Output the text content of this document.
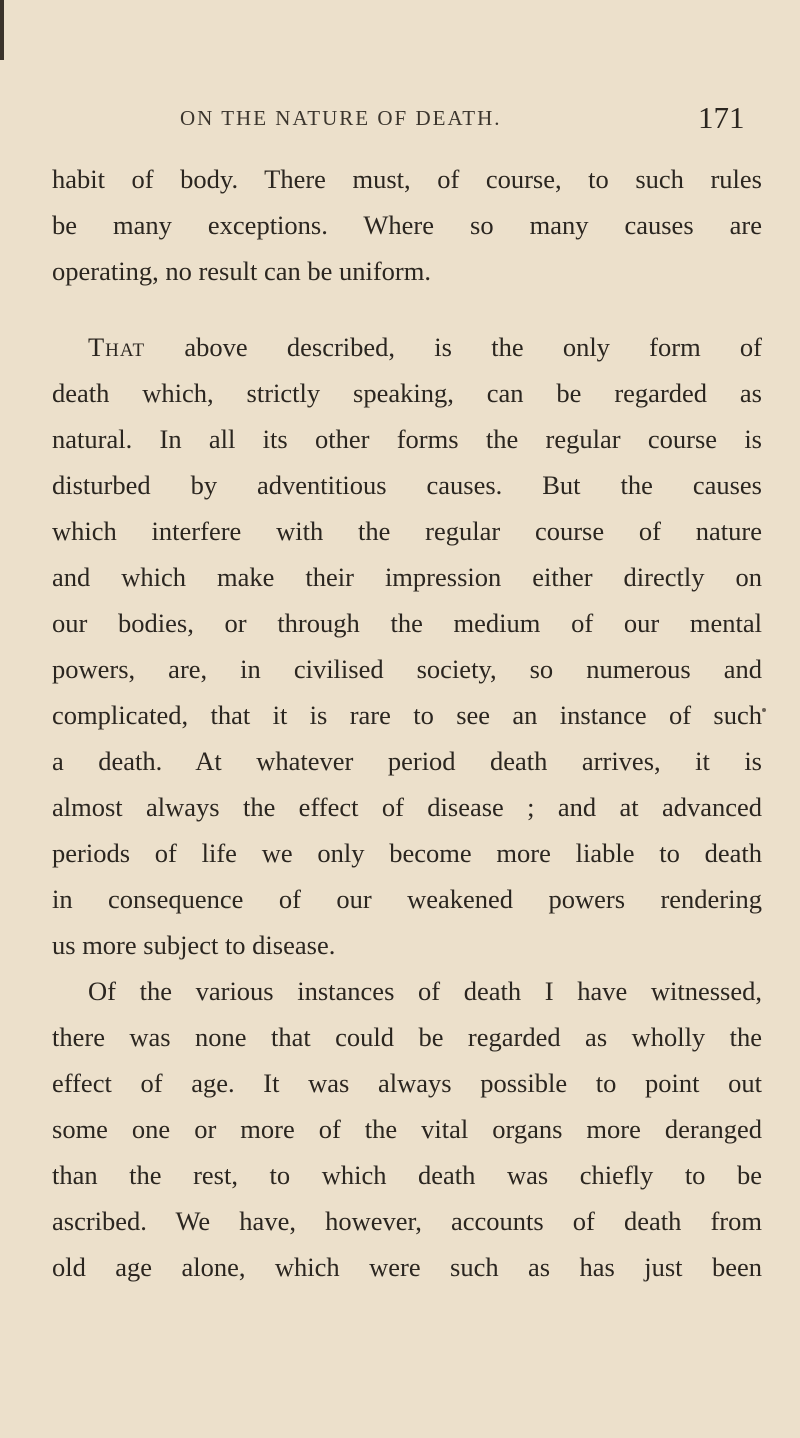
ON THE NATURE OF DEATH.	171
habit of body. There must, of course, to such rules
be many exceptions. Where so many causes are
operating, no result can be uniform.
That above described, is the only form of
death which, strictly speaking, can be regarded as
natural. In all its other forms the regular course is
disturbed by adventitious causes. But the causes
which interfere with the regular course of nature
and which make their impression either directly on
our bodies, or through the medium of our mental
powers, are, in civilised society, so numerous and
complicated, that it is rare to see an instance of such
a death. At whatever period death arrives, it is
almost always the effect of disease ; and at advanced
periods of life we only become more liable to death
in consequence of our weakened powers rendering
us more subject to disease.
Of the various instances of death I have witnessed,
there was none that could be regarded as wholly the
effect of age. It was always possible to point out
some one or more of the vital organs more deranged
than the rest, to which death was chiefly to be
ascribed. We have, however, accounts of death from
old age alone, which were such as has just been
